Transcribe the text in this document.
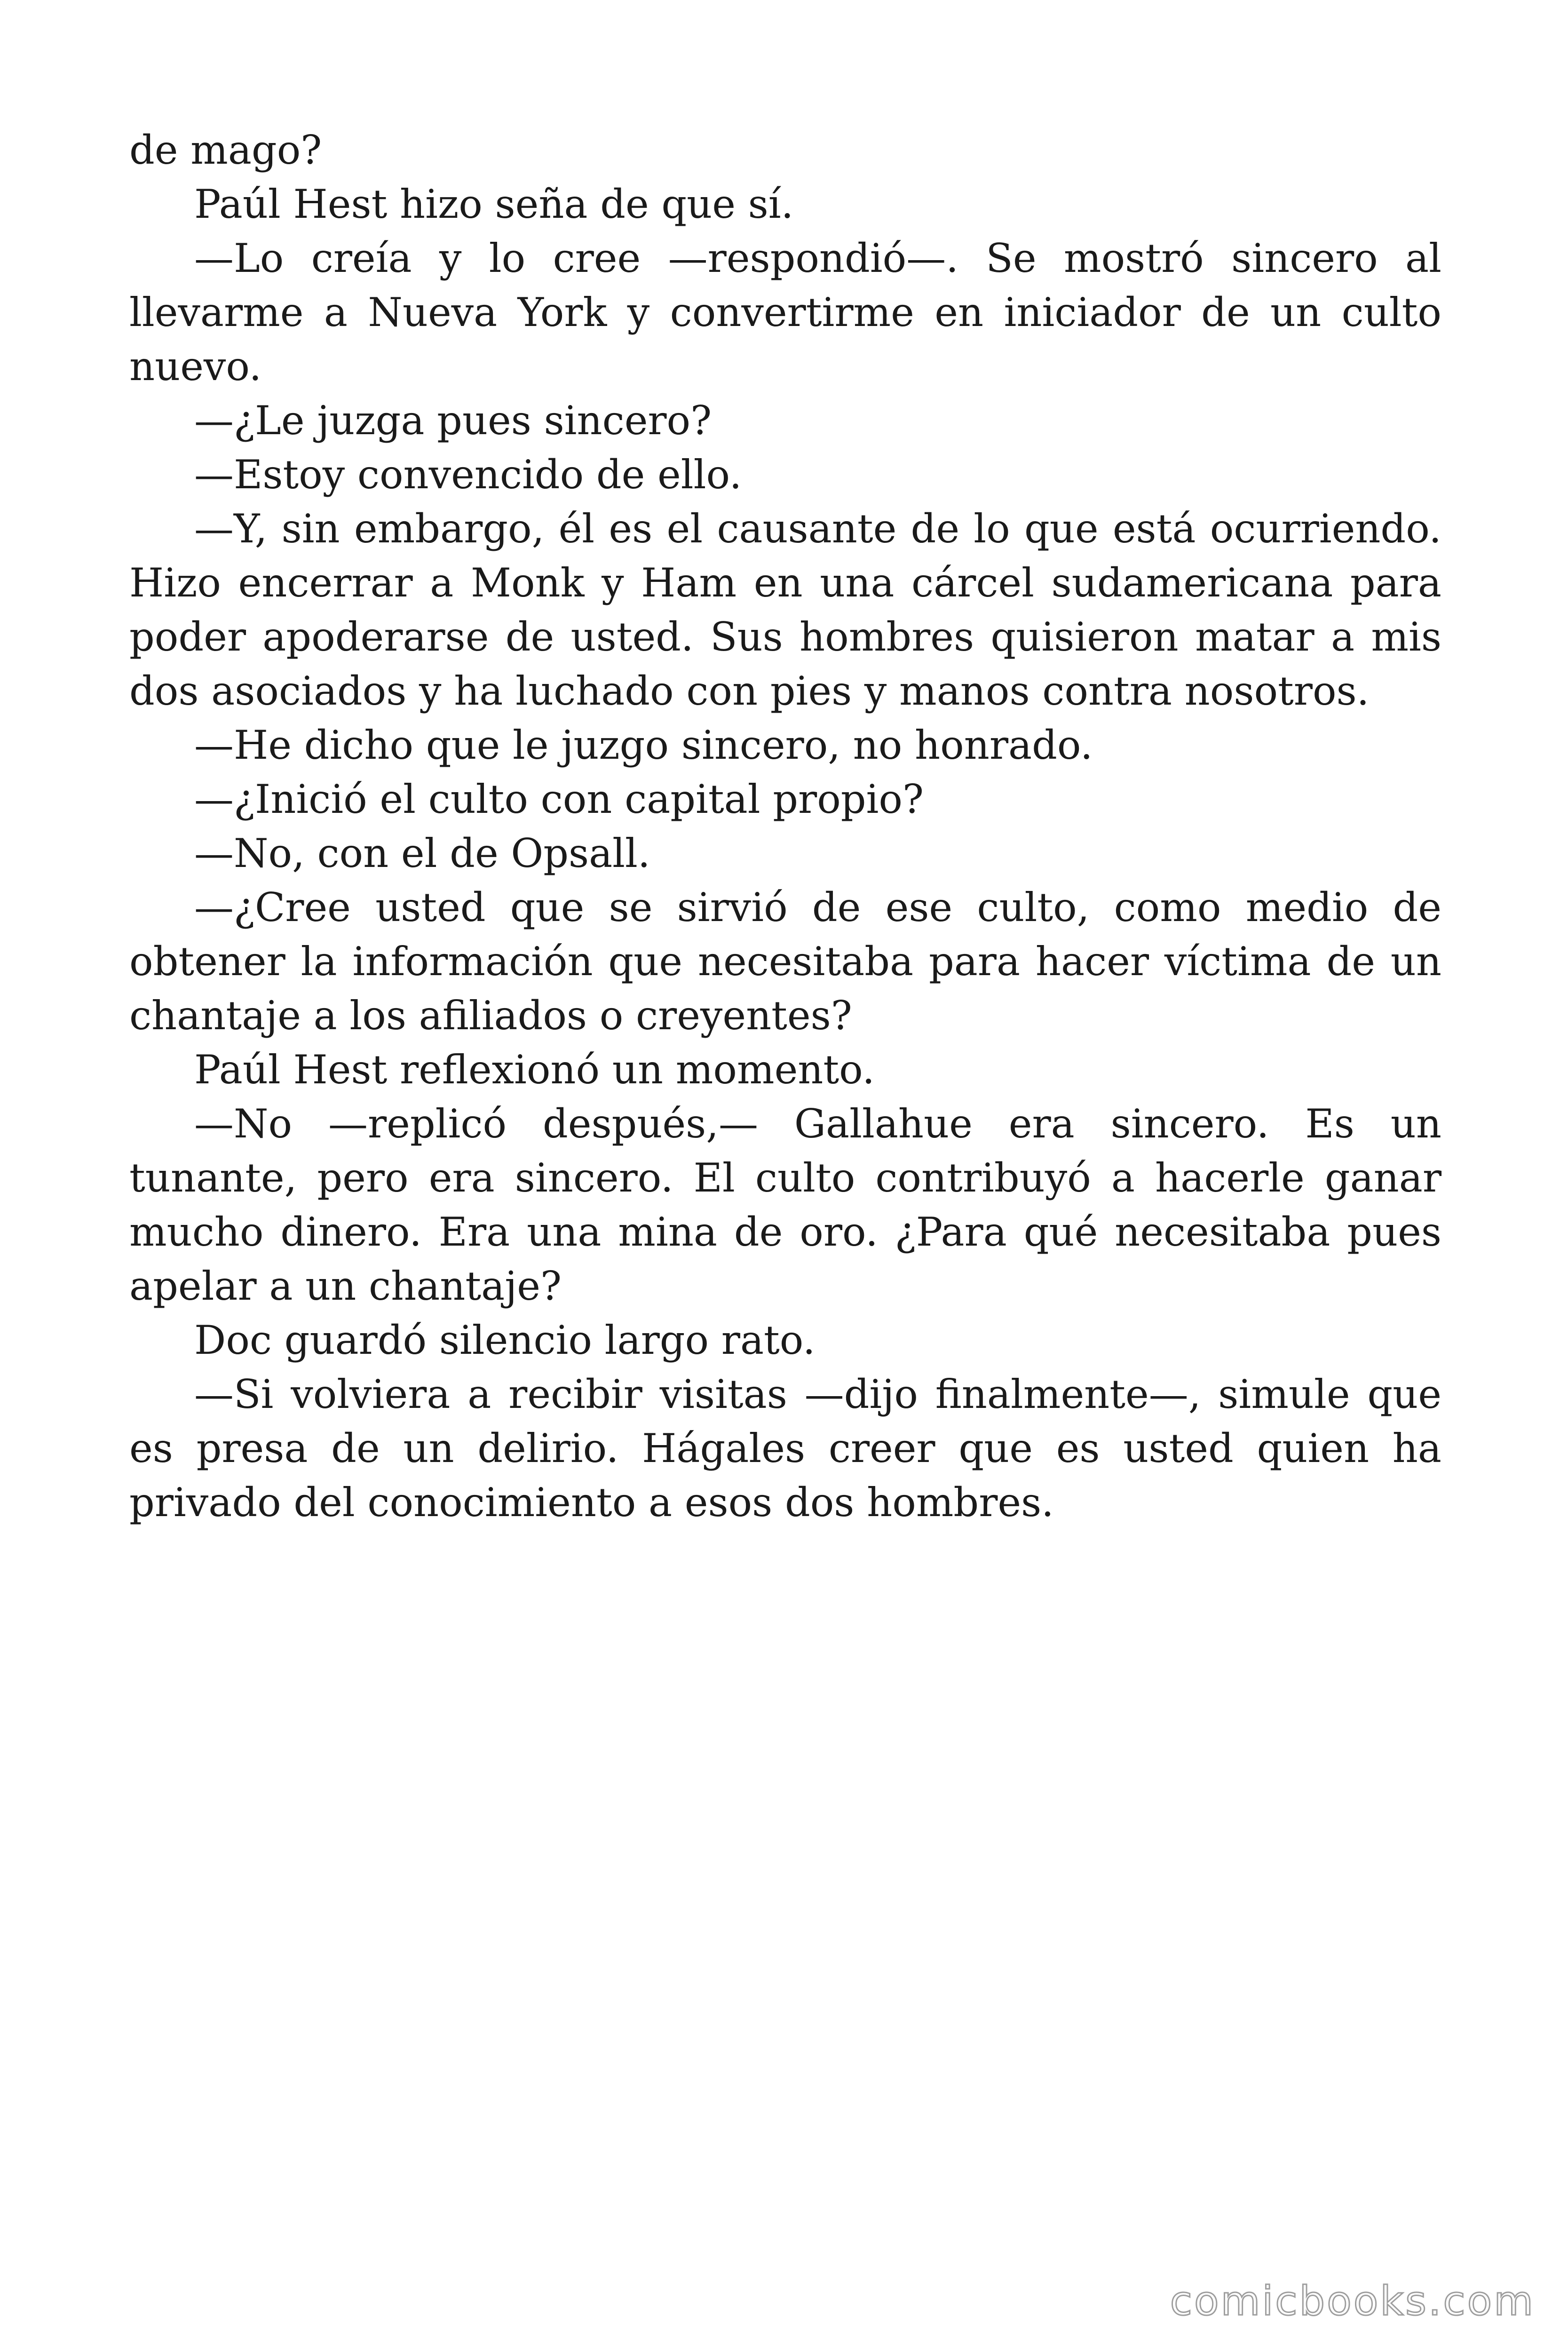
de mago?

Paúl Hest hizo seña de que sí.

—Lo creía y lo cree —respondió—. Se mostró sincero al llevarme a Nueva York y convertirme en iniciador de un culto nuevo.

—¿Le juzga pues sincero?

—Estoy convencido de ello.

—Y, sin embargo, él es el causante de lo que está ocurriendo. Hizo encerrar a Monk y Ham en una cárcel sudamericana para poder apoderarse de usted. Sus hombres quisieron matar a mis dos asociados y ha luchado con pies y manos contra nosotros.

—He dicho que le juzgo sincero, no honrado.

—¿Inició el culto con capital propio?

—No, con el de Opsall.

—¿Cree usted que se sirvió de ese culto, como medio de obtener la información que necesitaba para hacer víctima de un chantaje a los afiliados o creyentes?

Paúl Hest reflexionó un momento.

—No —replicó después,— Gallahue era sincero. Es un tunante, pero era sincero. El culto contribuyó a hacerle ganar mucho dinero. Era una mina de oro. ¿Para qué necesitaba pues apelar a un chantaje?

Doc guardó silencio largo rato.

—Si volviera a recibir visitas —dijo finalmente—, simule que es presa de un delirio. Hágales creer que es usted quien ha privado del conocimiento a esos dos hombres.

comicbooks.com
